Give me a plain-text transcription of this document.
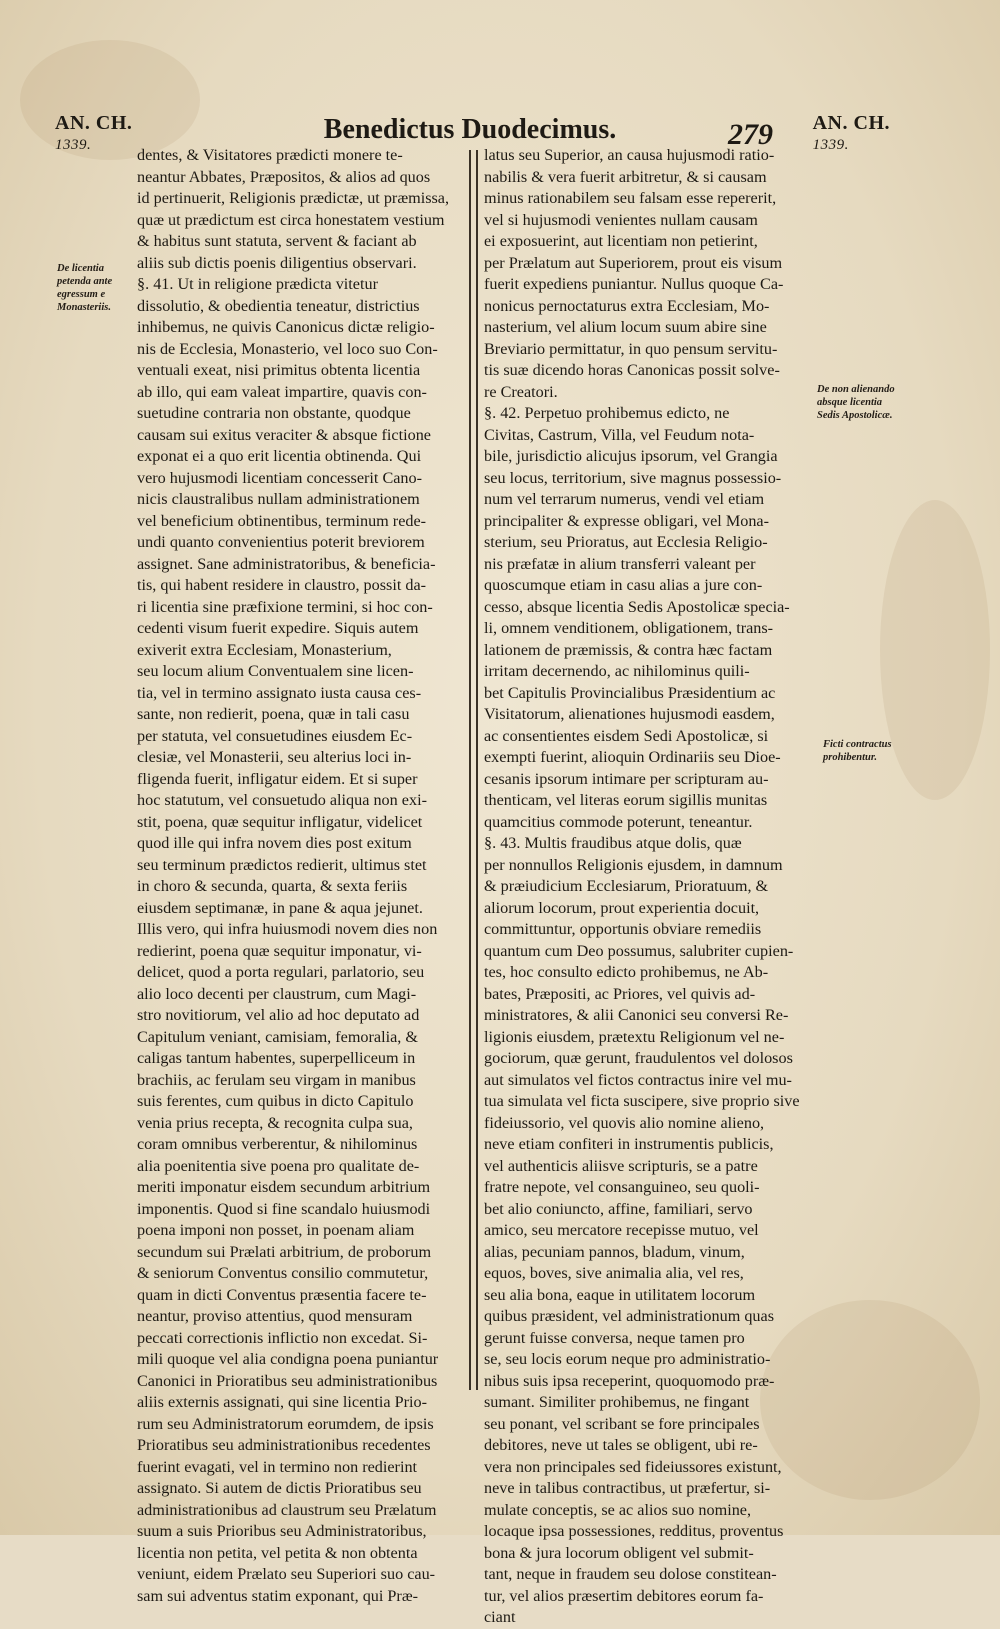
AN. CH.
1339.	Benedictus Duodecimus.	279 AN. CH.
1339.
De licentia petenda ante egressum e Monasteriis.
De non alienando absque licentia Sedis Apostolicæ.
Ficti contractus prohibentur.
dentes, & Visitatores prædicti monere te-
neantur Abbates, Præpositos, & alios ad quos
id pertinuerit, Religionis prædictæ, ut præmissa,
quæ ut prædictum est circa honestatem vestium
& habitus sunt statuta, servent & faciant ab
aliis sub dictis poenis diligentius observari.
§. 41. Ut in religione prædicta vitetur
dissolutio, & obedientia teneatur, districtius
inhibemus, ne quivis Canonicus dictæ religio-
nis de Ecclesia, Monasterio, vel loco suo Con-
ventuali exeat, nisi primitus obtenta licentia
ab illo, qui eam valeat impartire, quavis con-
suetudine contraria non obstante, quodque
causam sui exitus veraciter & absque fictione
exponat ei a quo erit licentia obtinenda. Qui
vero hujusmodi licentiam concesserit Cano-
nicis claustralibus nullam administrationem
vel beneficium obtinentibus, terminum rede-
undi quanto convenientius poterit breviorem
assignet. Sane administratoribus, & beneficia-
tis, qui habent residere in claustro, possit da-
ri licentia sine præfixione termini, si hoc con-
cedenti visum fuerit expedire. Siquis autem
exiverit extra Ecclesiam, Monasterium,
seu locum alium Conventualem sine licen-
tia, vel in termino assignato iusta causa ces-
sante, non redierit, poena, quæ in tali casu
per statuta, vel consuetudines eiusdem Ec-
clesiæ, vel Monasterii, seu alterius loci in-
fligenda fuerit, infligatur eidem. Et si super
hoc statutum, vel consuetudo aliqua non exi-
stit, poena, quæ sequitur infligatur, videlicet
quod ille qui infra novem dies post exitum
seu terminum prædictos redierit, ultimus stet
in choro & secunda, quarta, & sexta feriis
eiusdem septimanæ, in pane & aqua jejunet.
Illis vero, qui infra huiusmodi novem dies non
redierint, poena quæ sequitur imponatur, vi-
delicet, quod a porta regulari, parlatorio, seu
alio loco decenti per claustrum, cum Magi-
stro novitiorum, vel alio ad hoc deputato ad
Capitulum veniant, camisiam, femoralia, &
caligas tantum habentes, superpelliceum in
brachiis, ac ferulam seu virgam in manibus
suis ferentes, cum quibus in dicto Capitulo
venia prius recepta, & recognita culpa sua,
coram omnibus verberentur, & nihilominus
alia poenitentia sive poena pro qualitate de-
meriti imponatur eisdem secundum arbitrium
imponentis. Quod si fine scandalo huiusmodi
poena imponi non posset, in poenam aliam
secundum sui Prælati arbitrium, de proborum
& seniorum Conventus consilio commutetur,
quam in dicti Conventus præsentia facere te-
neantur, proviso attentius, quod mensuram
peccati correctionis inflictio non excedat. Si-
mili quoque vel alia condigna poena puniantur
Canonici in Prioratibus seu administrationibus
aliis externis assignati, qui sine licentia Prio-
rum seu Administratorum eorumdem, de ipsis
Prioratibus seu administrationibus recedentes
fuerint evagati, vel in termino non redierint
assignato. Si autem de dictis Prioratibus seu
administrationibus ad claustrum seu Prælatum
suum a suis Prioribus seu Administratoribus,
licentia non petita, vel petita & non obtenta
veniunt, eidem Prælato seu Superiori suo cau-
sam sui adventus statim exponant, qui Præ-
latus seu Superior, an causa hujusmodi ratio-
nabilis & vera fuerit arbitretur, & si causam
minus rationabilem seu falsam esse repererit,
vel si hujusmodi venientes nullam causam
ei exposuerint, aut licentiam non petierint,
per Prælatum aut Superiorem, prout eis visum
fuerit expediens puniantur. Nullus quoque Ca-
nonicus pernoctaturus extra Ecclesiam, Mo-
nasterium, vel alium locum suum abire sine
Breviario permittatur, in quo pensum servitu-
tis suæ dicendo horas Canonicas possit solve-
re Creatori.
§. 42. Perpetuo prohibemus edicto, ne
Civitas, Castrum, Villa, vel Feudum nota-
bile, jurisdictio alicujus ipsorum, vel Grangia
seu locus, territorium, sive magnus possessio-
num vel terrarum numerus, vendi vel etiam
principaliter & expresse obligari, vel Mona-
sterium, seu Prioratus, aut Ecclesia Religio-
nis præfatæ in alium transferri valeant per
quoscumque etiam in casu alias a jure con-
cesso, absque licentia Sedis Apostolicæ specia-
li, omnem venditionem, obligationem, trans-
lationem de præmissis, & contra hæc factam
irritam decernendo, ac nihilominus quili-
bet Capitulis Provincialibus Præsidentium ac
Visitatorum, alienationes hujusmodi easdem,
ac consentientes eisdem Sedi Apostolicæ, si
exempti fuerint, alioquin Ordinariis seu Dioe-
cesanis ipsorum intimare per scripturam au-
thenticam, vel literas eorum sigillis munitas
quamcitius commode poterunt, teneantur.
§. 43. Multis fraudibus atque dolis, quæ
per nonnullos Religionis ejusdem, in damnum
& præiudicium Ecclesiarum, Prioratuum, &
aliorum locorum, prout experientia docuit,
committuntur, opportunis obviare remediis
quantum cum Deo possumus, salubriter cupien-
tes, hoc consulto edicto prohibemus, ne Ab-
bates, Præpositi, ac Priores, vel quivis ad-
ministratores, & alii Canonici seu conversi Re-
ligionis eiusdem, prætextu Religionum vel ne-
gociorum, quæ gerunt, fraudulentos vel dolosos
aut simulatos vel fictos contractus inire vel mu-
tua simulata vel ficta suscipere, sive proprio sive
fideiussorio, vel quovis alio nomine alieno,
neve etiam confiteri in instrumentis publicis,
vel authenticis aliisve scripturis, se a patre
fratre nepote, vel consanguineo, seu quoli-
bet alio coniuncto, affine, familiari, servo
amico, seu mercatore recepisse mutuo, vel
alias, pecuniam pannos, bladum, vinum,
equos, boves, sive animalia alia, vel res,
seu alia bona, eaque in utilitatem locorum
quibus præsident, vel administrationum quas
gerunt fuisse conversa, neque tamen pro
se, seu locis eorum neque pro administratio-
nibus suis ipsa receperint, quoquomodo præ-
sumant. Similiter prohibemus, ne fingant
seu ponant, vel scribant se fore principales
debitores, neve ut tales se obligent, ubi re-
vera non principales sed fideiussores existunt,
neve in talibus contractibus, ut præfertur, si-
mulate conceptis, se ac alios suo nomine,
locaque ipsa possessiones, redditus, proventus
bona & jura locorum obligent vel submit-
tant, neque in fraudem seu dolose constitean-
tur, vel alios præsertim debitores eorum fa-
ciant
